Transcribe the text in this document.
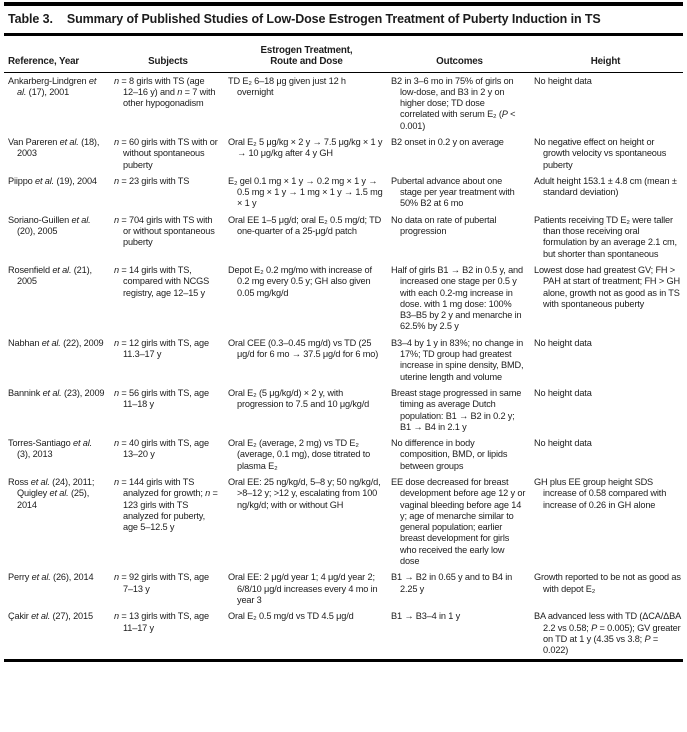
Table 3. Summary of Published Studies of Low-Dose Estrogen Treatment of Puberty Induction in TS
Reference, Year	Subjects	Estrogen Treatment, Route and Dose	Outcomes	Height

Ankarberg-Lindgren et al. (17), 2001	n = 8 girls with TS (age 12–16 y) and n = 7 with other hypogonadism	TD E₂ 6–18 μg given just 12 h overnight	B2 in 3–6 mo in 75% of girls on low-dose, and B3 in 2 y on higher dose; TD dose correlated with serum E₂ (P < 0.001)	No height data

Van Pareren et al. (18), 2003	n = 60 girls with TS with or without spontaneous puberty	Oral E₂ 5 μg/kg × 2 y → 7.5 μg/kg × 1 y → 10 μg/kg after 4 y GH	B2 onset in 0.2 y on average	No negative effect on height or growth velocity vs spontaneous puberty

Piippo et al. (19), 2004	n = 23 girls with TS	E₂ gel 0.1 mg × 1 y → 0.2 mg × 1 y → 0.5 mg × 1 y → 1 mg × 1 y → 1.5 mg × 1 y	Pubertal advance about one stage per year treatment with 50% B2 at 6 mo	Adult height 153.1 ± 4.8 cm (mean ± standard deviation)

Soriano-Guillen et al. (20), 2005	n = 704 girls with TS with or without spontaneous puberty	Oral EE 1–5 μg/d; oral E₂ 0.5 mg/d; TD one-quarter of a 25-μg/d patch	No data on rate of pubertal progression	Patients receiving TD E₂ were taller than those receiving oral formulation by an average 2.1 cm, but shorter than spontaneous

Rosenfield et al. (21), 2005	n = 14 girls with TS, compared with NCGS registry, age 12–15 y	Depot E₂ 0.2 mg/mo with increase of 0.2 mg every 0.5 y; GH also given 0.05 mg/kg/d	Half of girls B1 → B2 in 0.5 y, and increased one stage per 0.5 y with each 0.2-mg increase in dose. with 1 mg dose: 100% B3–B5 by 2 y and menarche in 62.5% by 2.5 y	Lowest dose had greatest GV; FH > PAH at start of treatment; FH > GH alone, growth not as good as in TS with spontaneous puberty

Nabhan et al. (22), 2009	n = 12 girls with TS, age 11.3–17 y	Oral CEE (0.3–0.45 mg/d) vs TD (25 μg/d for 6 mo → 37.5 μg/d for 6 mo)	B3–4 by 1 y in 83%; no change in 17%; TD group had greatest increase in spine density, BMD, uterine length and volume	No height data

Bannink et al. (23), 2009	n = 56 girls with TS, age 11–18 y	Oral E₂ (5 μg/kg/d) × 2 y, with progression to 7.5 and 10 μg/kg/d	Breast stage progressed in same timing as average Dutch population: B1 → B2 in 0.2 y; B1 → B4 in 2.1 y	No height data

Torres-Santiago et al. (3), 2013	n = 40 girls with TS, age 13–20 y	Oral E₂ (average, 2 mg) vs TD E₂ (average, 0.1 mg), dose titrated to plasma E₂	No difference in body composition, BMD, or lipids between groups	No height data

Ross et al. (24), 2011; Quigley et al. (25), 2014	n = 144 girls with TS analyzed for growth; n = 123 girls with TS analyzed for puberty, age 5–12.5 y	Oral EE: 25 ng/kg/d, 5–8 y; 50 ng/kg/d, >8–12 y; >12 y, escalating from 100 ng/kg/d; with or without GH	EE dose decreased for breast development before age 12 y or vaginal bleeding before age 14 y; age of menarche similar to general population; earlier breast development for girls who received the early low dose	GH plus EE group height SDS increase of 0.58 compared with increase of 0.26 in GH alone

Perry et al. (26), 2014	n = 92 girls with TS, age 7–13 y	Oral EE: 2 μg/d year 1; 4 μg/d year 2; 6/8/10 μg/d increases every 4 mo in year 3	B1 → B2 in 0.65 y and to B4 in 2.25 y	Growth reported to be not as good as with depot E₂

Çakir et al. (27), 2015	n = 13 girls with TS, age 11–17 y	Oral E₂ 0.5 mg/d vs TD 4.5 μg/d	B1 → B3–4 in 1 y	BA advanced less with TD (ΔCA/ΔBA 2.2 vs 0.58; P = 0.005); GV greater on TD at 1 y (4.35 vs 3.8; P = 0.022)
